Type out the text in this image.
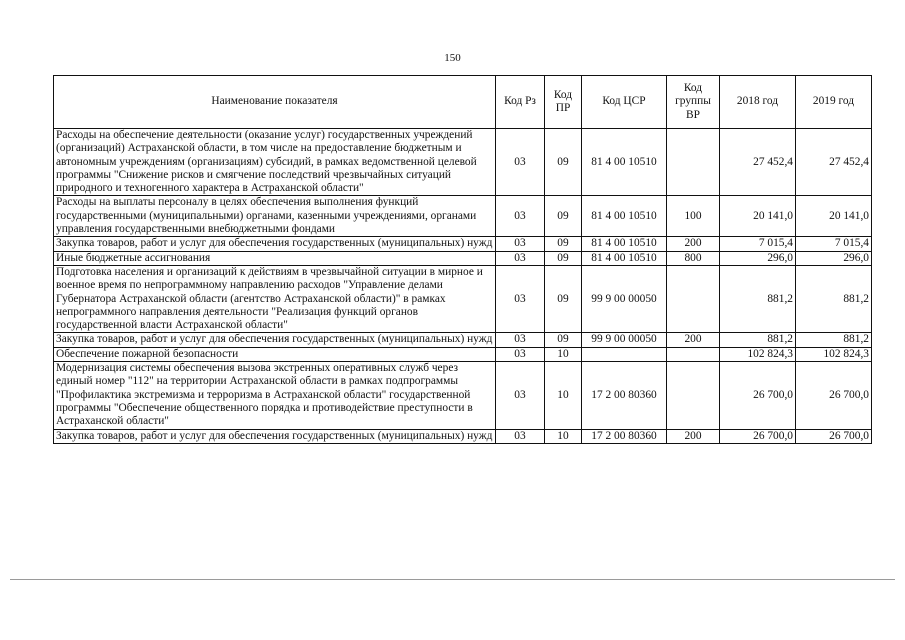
150
Наименование показателя	Код Рз	Код ПР	Код ЦСР	Код группы ВР	2018 год	2019 год
Расходы на обеспечение деятельности (оказание услуг) государственных учреждений (организаций) Астраханской области, в том числе на предоставление бюджетным и автономным учреждениям (организациям) субсидий, в рамках ведомственной целевой программы "Снижение рисков и смягчение последствий чрезвычайных ситуаций природного и техногенного характера в Астраханской области"	03	09	81 4 00 10510		27 452,4	27 452,4
Расходы на выплаты персоналу в целях обеспечения выполнения функций государственными (муниципальными) органами, казенными учреждениями, органами управления государственными внебюджетными фондами	03	09	81 4 00 10510	100	20 141,0	20 141,0
Закупка товаров, работ и услуг для обеспечения государственных (муниципальных) нужд	03	09	81 4 00 10510	200	7 015,4	7 015,4
Иные бюджетные ассигнования	03	09	81 4 00 10510	800	296,0	296,0
Подготовка населения и организаций к действиям в чрезвычайной ситуации в мирное и военное время по непрограммному направлению расходов "Управление делами Губернатора Астраханской области (агентство Астраханской области)" в рамках непрограммного направления деятельности "Реализация функций органов государственной власти Астраханской области"	03	09	99 9 00 00050		881,2	881,2
Закупка товаров, работ и услуг для обеспечения государственных (муниципальных) нужд	03	09	99 9 00 00050	200	881,2	881,2
Обеспечение пожарной безопасности	03	10			102 824,3	102 824,3
Модернизация системы обеспечения вызова экстренных оперативных служб через единый номер "112" на территории Астраханской области в рамках подпрограммы "Профилактика экстремизма и терроризма в Астраханской области" государственной программы "Обеспечение общественного порядка и противодействие преступности в Астраханской области"	03	10	17 2 00 80360		26 700,0	26 700,0
Закупка товаров, работ и услуг для обеспечения государственных (муниципальных) нужд	03	10	17 2 00 80360	200	26 700,0	26 700,0
